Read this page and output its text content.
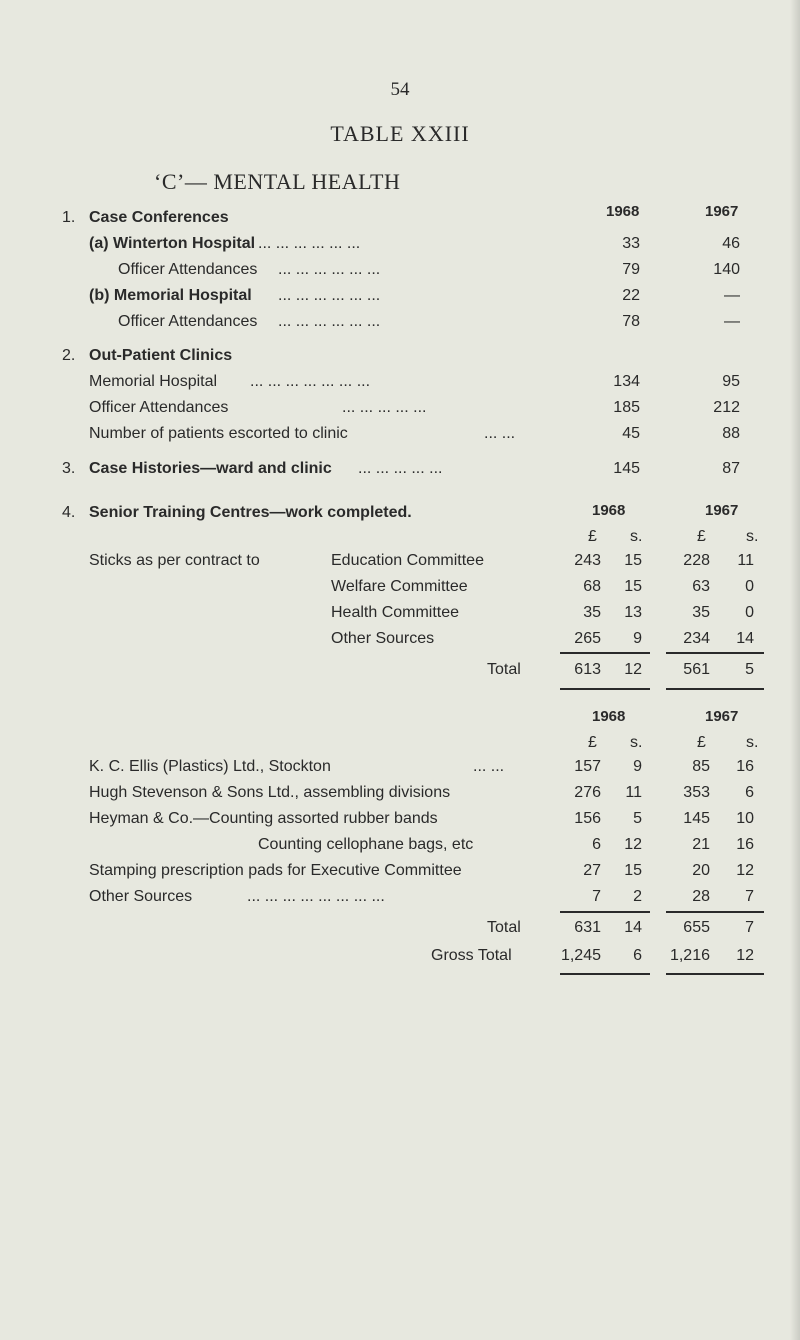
54
TABLE XXIII
‘C’— MENTAL HEALTH
1. Case Conferences	1968	1967
(a) Winterton Hospital ... ... ... ... ... ...	33	46
Officer Attendances ... ... ... ... ... ...	79	140
(b) Memorial Hospital ... ... ... ... ... ...	22	—
Officer Attendances ... ... ... ... ... ...	78	—
2. Out-Patient Clinics
Memorial Hospital ... ... ... ... ... ... ...	134	95
Officer Attendances	... ... ... ... ...	185	212
Number of patients escorted to clinic	... ...	45	88
3. Case Histories—ward and clinic ... ... ... ... ...	145	87
4. Senior Training Centres—work completed.	1968	1967
£ s.	£	s.
Sticks as per contract to	Education Committee	243	15	228	11
Welfare Committee	68	15	63	0
Health Committee	35	13	35	0
Other Sources	265	9	234	14
Total	613	12	561	5
1968	1967
£ s.	£	s.
K. C. Ellis (Plastics) Ltd., Stockton	... ...	157	9	85	16
Hugh Stevenson & Sons Ltd., assembling divisions	276	11	353	6
Heyman & Co.—Counting assorted rubber bands	156	5	145	10
Counting cellophane bags, etc	6	12	21	16
Stamping prescription pads for Executive Committee	27	15	20	12
Other Sources	... ... ... ... ... ... ... ...	7	2	28	7
Total	631	14	655	7
Gross Total	1,245	6	1,216	12
